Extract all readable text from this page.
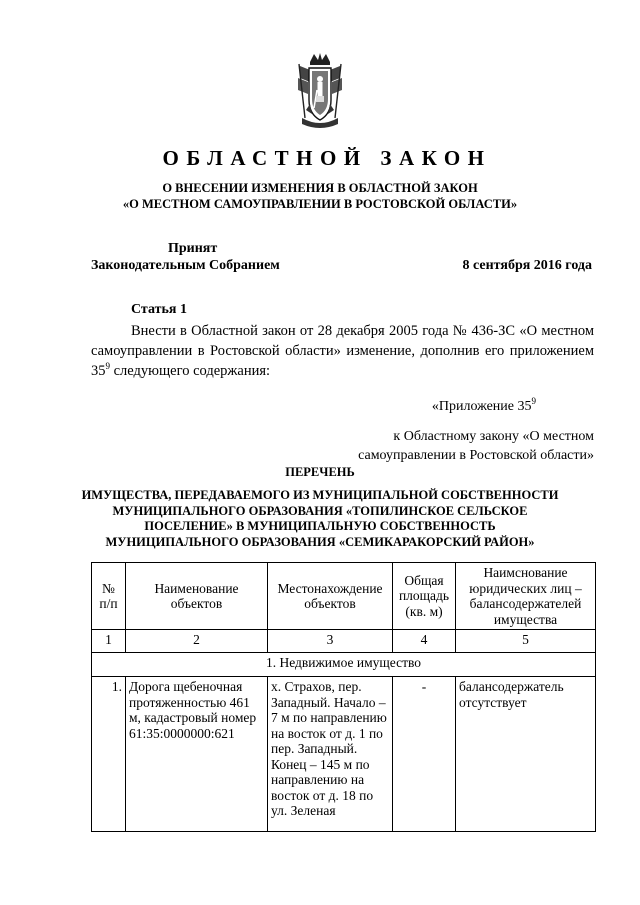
ОБЛАСТНОЙ ЗАКОН
О ВНЕСЕНИИ ИЗМЕНЕНИЯ В ОБЛАСТНОЙ ЗАКОН
«О МЕСТНОМ САМОУПРАВЛЕНИИ В РОСТОВСКОЙ ОБЛАСТИ»
Принят
Законодательным Собранием	8 сентября 2016 года
Статья 1

Внести в Областной закон от 28 декабря 2005 года № 436-ЗС «О местном самоуправлении в Ростовской области» изменение, дополнив его приложением $35^9$ следующего содержания:

«Приложение $35^9$

к Областному закону «О местном

самоуправлении в Ростовской области»

ПЕРЕЧЕНЬ
ИМУЩЕСТВА, ПЕРЕДАВАЕМОГО ИЗ МУНИЦИПАЛЬНОЙ СОБСТВЕННОСТИ
МУНИЦИПАЛЬНОГО ОБРАЗОВАНИЯ «ТОПИЛИНСКОЕ СЕЛЬСКОЕ
ПОСЕЛЕНИЕ» В МУНИЦИПАЛЬНУЮ СОБСТВЕННОСТЬ
МУНИЦИПАЛЬНОГО ОБРАЗОВАНИЯ «СЕМИКАРАКОРСКИЙ РАЙОН»
№ п/п	Наименование объектов	Местонахождение объектов	Общая площадь (кв. м)	Наимснование юридических лиц – балансодержателей имущества
1	2	3	4	5
1. Недвижимое имущество				
1.	Дорога щебеночная протяженностью 461 м, кадастровый номер 61:35:0000000:621	х. Страхов, пер. Западный. Начало – 7 м по направлению на восток от д. 1 по пер. Западный. Конец – 145 м по направлению на восток от д. 18 по ул. Зеленая	-	балансодержатель отсутствует
